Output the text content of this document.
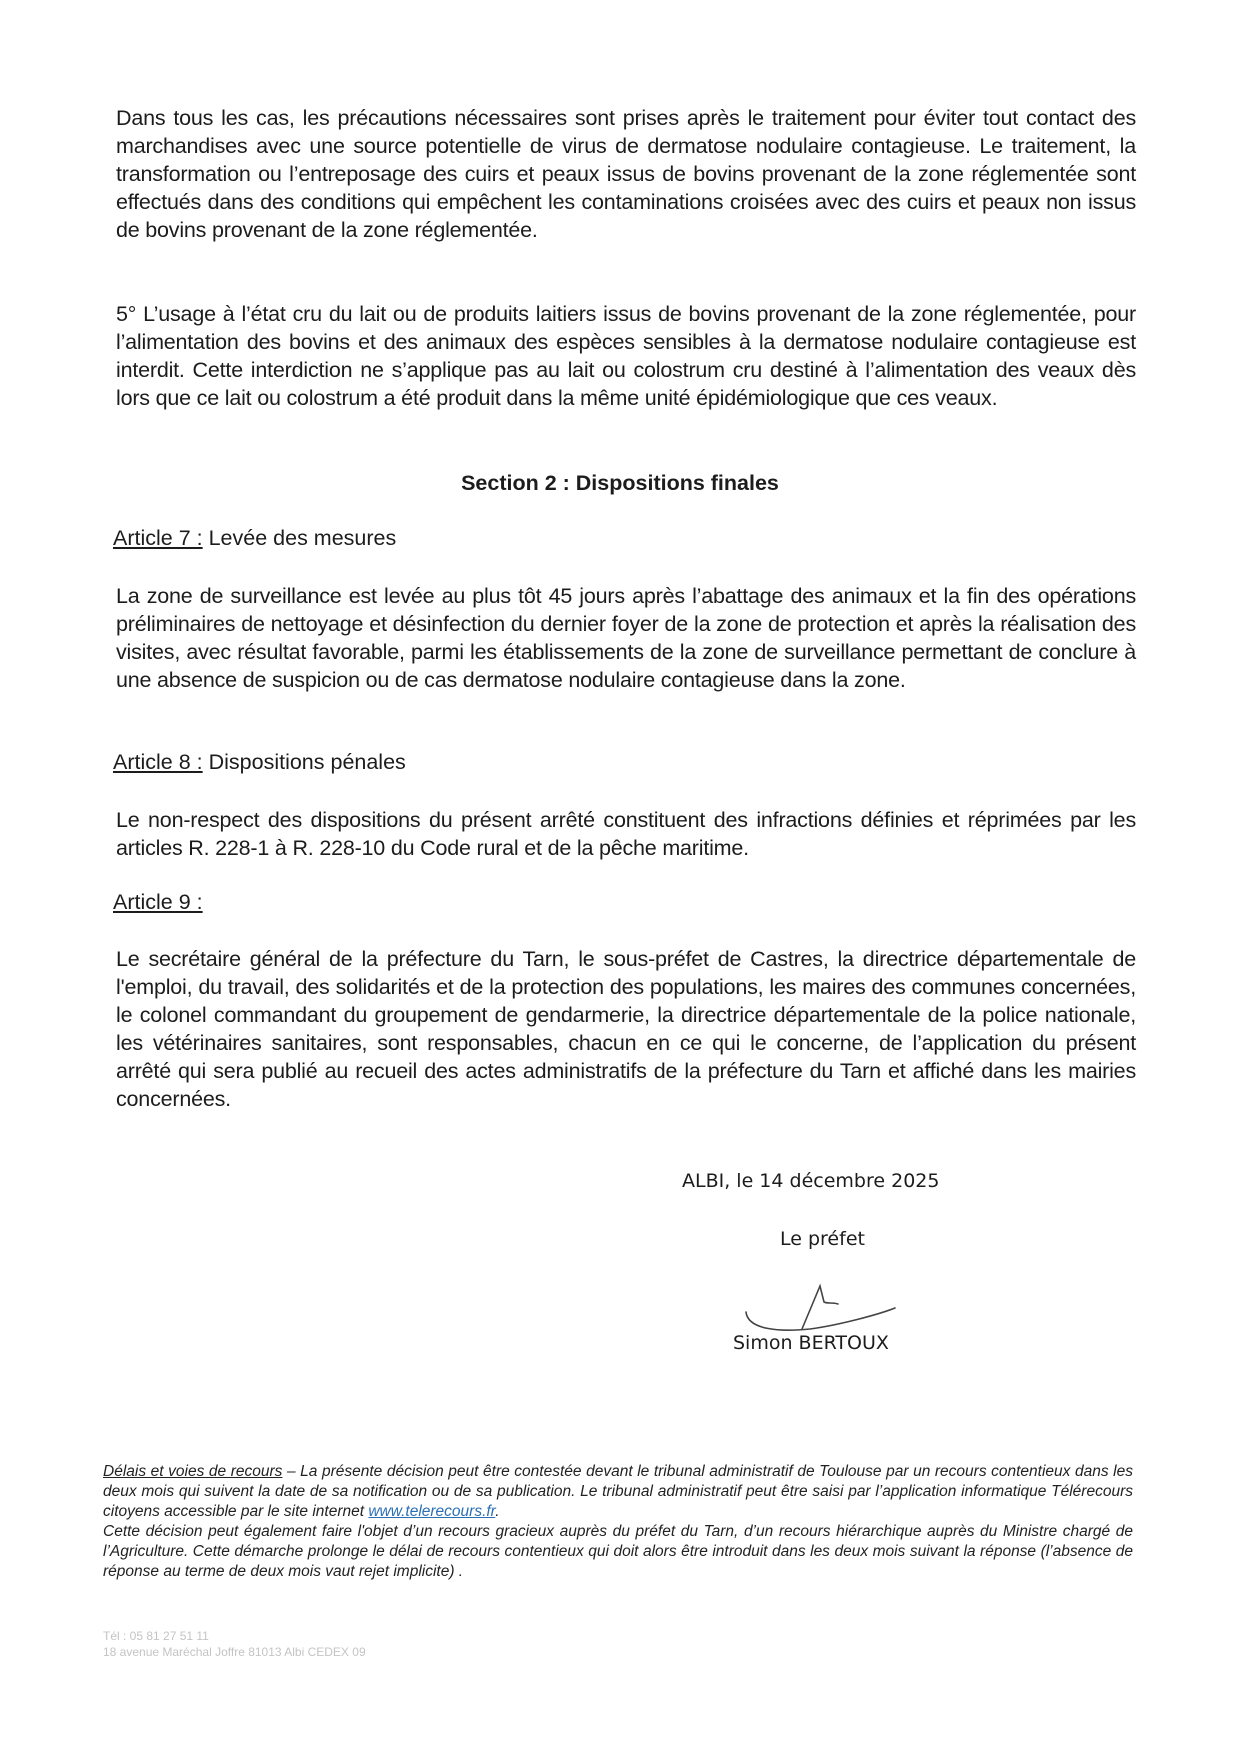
Dans tous les cas, les précautions nécessaires sont prises après le traitement pour éviter tout contact des marchandises avec une source potentielle de virus de dermatose nodulaire contagieuse. Le traitement, la transformation ou l’entreposage des cuirs et peaux issus de bovins provenant de la zone réglementée sont effectués dans des conditions qui empêchent les contaminations croisées avec des cuirs et peaux non issus de bovins provenant de la zone réglementée.
5° L’usage à l’état cru du lait ou de produits laitiers issus de bovins provenant de la zone réglementée, pour l’alimentation des bovins et des animaux des espèces sensibles à la dermatose nodulaire contagieuse est interdit. Cette interdiction ne s’applique pas au lait ou colostrum cru destiné à l’alimentation des veaux dès lors que ce lait ou colostrum a été produit dans la même unité épidémiologique que ces veaux.
Section 2 : Dispositions finales
Article 7 : Levée des mesures
La zone de surveillance est levée au plus tôt 45 jours après l’abattage des animaux et la fin des opérations préliminaires de nettoyage et désinfection du dernier foyer de la zone de protection et après la réalisation des visites, avec résultat favorable, parmi les établissements de la zone de surveillance permettant de conclure à une absence de suspicion ou de cas dermatose nodulaire contagieuse dans la zone.
Article 8 : Dispositions pénales
Le non-respect des dispositions du présent arrêté constituent des infractions définies et réprimées par les articles R. 228-1 à R. 228-10 du Code rural et de la pêche maritime.
Article 9 :
Le secrétaire général de la préfecture du Tarn, le sous-préfet de Castres, la directrice départementale de l'emploi, du travail, des solidarités et de la protection des populations, les maires des communes concernées, le colonel commandant du groupement de gendarmerie, la directrice départementale de la police nationale, les vétérinaires sanitaires, sont responsables, chacun en ce qui le concerne, de l’application du présent arrêté qui sera publié au recueil des actes administratifs de la préfecture du Tarn et affiché dans les mairies concernées.
ALBI, le 14 décembre 2025
Le préfet
Simon BERTOUX
Délais et voies de recours – La présente décision peut être contestée devant le tribunal administratif de Toulouse par un recours contentieux dans les deux mois qui suivent la date de sa notification ou de sa publication. Le tribunal administratif peut être saisi par l’application informatique Télérecours citoyens accessible par le site internet www.telerecours.fr.
Cette décision peut également faire l'objet d’un recours gracieux auprès du préfet du Tarn, d’un recours hiérarchique auprès du Ministre chargé de l’Agriculture. Cette démarche prolonge le délai de recours contentieux qui doit alors être introduit dans les deux mois suivant la réponse (l’absence de réponse au terme de deux mois vaut rejet implicite) .
Tél : 05 81 27 51 11
18 avenue Maréchal Joffre 81013 Albi CEDEX 09
